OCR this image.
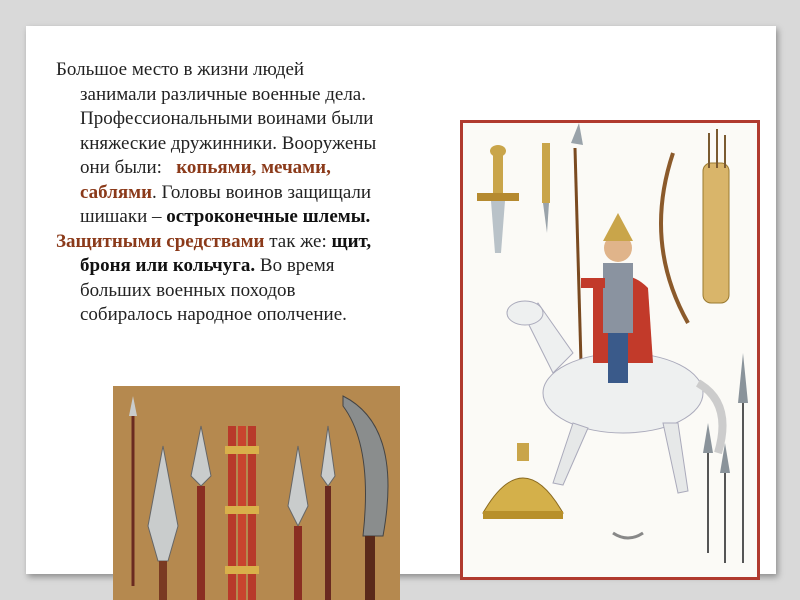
Большое место в жизни людей
занимали различные военные дела.
Профессиональными воинами были
княжеские дружинники. Вооружены
они были: копьями, мечами,
саблями. Головы воинов защищали
шишаки – остроконечные шлемы.

Защитными средствами так же: щит,
броня или кольчуга. Во время
больших военных походов
собиралось народное ополчение.
